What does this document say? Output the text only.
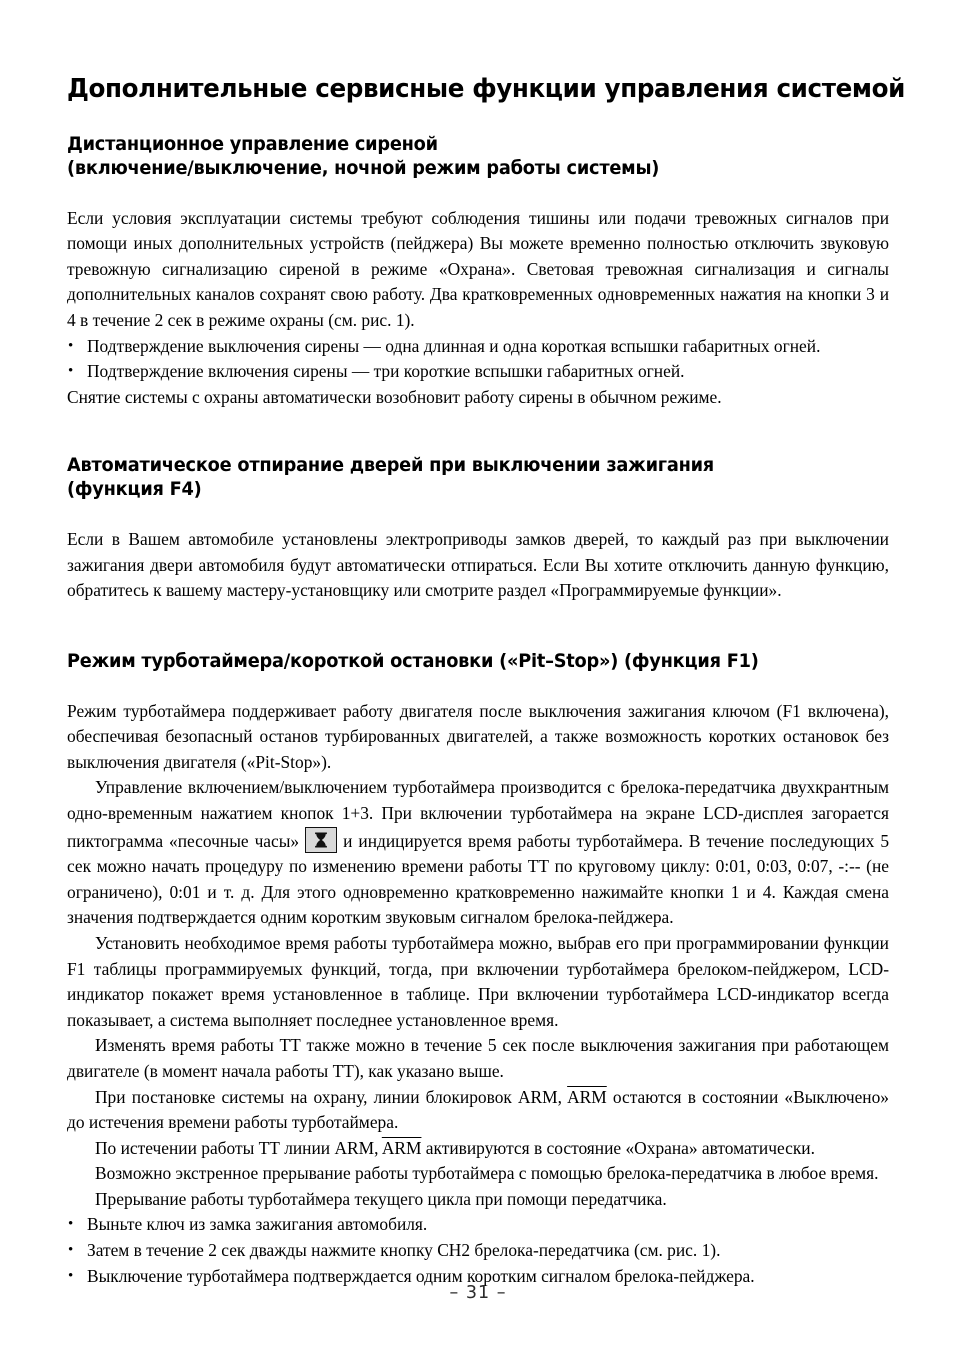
Дополнительные сервисные функции управления системой
Дистанционное управление сиреной
(включение/выключение, ночной режим работы системы)

Если условия эксплуатации системы требуют соблюдения тишины или подачи тревожных сигналов при помощи иных дополнительных устройств (пейджера) Вы можете временно полностью отключить звуковую тревожную сигнализацию сиреной в режиме «Охрана». Световая тревожная сигнализация и сигналы дополнительных каналов сохранят свою работу. Два кратковременных одновременных нажатия на кнопки 3 и 4 в течение 2 сек в режиме охраны (см. рис. 1).

• Подтверждение выключения сирены — одна длинная и одна короткая вспышки габаритных огней.
• Подтверждение включения сирены — три короткие вспышки габаритных огней.

Снятие системы с охраны автоматически возобновит работу сирены в обычном режиме.

Автоматическое отпирание дверей при выключении зажигания
(функция F4)

Если в Вашем автомобиле установлены электроприводы замков дверей, то каждый раз при выключении зажигания двери автомобиля будут автоматически отпираться. Если Вы хотите отключить данную функцию, обратитесь к вашему мастеру-установщику или смотрите раздел «Программируемые функции».

Режим турботаймера/короткой остановки («Pit–Stop») (функция F1)

Режим турботаймера поддерживает работу двигателя после выключения зажигания ключом (F1 включена), обеспечивая безопасный останов турбированных двигателей, а также возможность коротких остановок без выключения двигателя («Pit-Stop»).

Управление включением/выключением турботаймера производится с брелока-передатчика двухкрантным одно-временным нажатием кнопок 1+3. При включении турботаймера на экране LCD-дисплея загорается пиктограмма «песочные часы»	и индицируется время работы турботаймера. В течение последующих 5 сек можно начать процедуру по изменению времени работы ТТ по круговому циклу: 0:01, 0:03, 0:07, -:-- (не ограничено), 0:01 и т. д. Для этого одновременно кратковременно нажимайте кнопки 1 и 4. Каждая смена значения подтверждается одним коротким звуковым сигналом брелока-пейджера.

Установить необходимое время работы турботаймера можно, выбрав его при программировании функции F1 таблицы программируемых функций, тогда, при включении турботаймера брелоком-пейджером, LCD-индикатор покажет время установленное в таблице. При включении турботаймера LCD-индикатор всегда показывает, а система выполняет последнее установленное время.

Изменять время работы ТТ также можно в течение 5 сек после выключения зажигания при работающем двигателе (в момент начала работы ТТ), как указано выше.

При постановке системы на охрану, линии блокировок ARM, $\overline{ARM}$ остаются в состоянии «Выключено» до истечения времени работы турботаймера.

По истечении работы ТТ линии ARM, $\overline{ARM}$ активируются в состояние «Охрана» автоматически.

Возможно экстренное прерывание работы турботаймера с помощью брелока-передатчика в любое время.

Прерывание работы турботаймера текущего цикла при помощи передатчика.

• Выньте ключ из замка зажигания автомобиля.
• Затем в течение 2 сек дважды нажмите кнопку CH2 брелока-передатчика (см. рис. 1).
• Выключение турботаймера подтверждается одним коротким сигналом брелока-пейджера.
– 31 –
